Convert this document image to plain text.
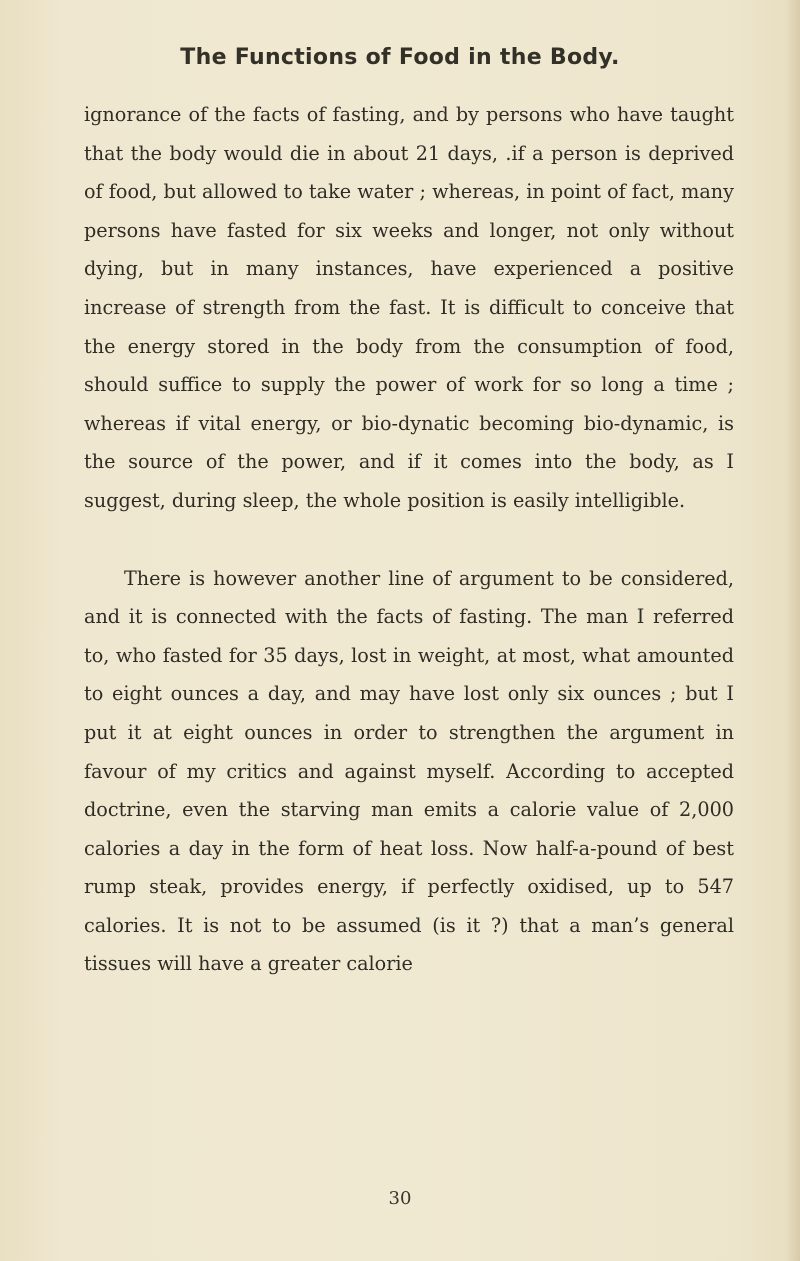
The Functions of Food in the Body.

ignorance of the facts of fasting, and by persons who have taught that the body would die in about 21 days, .if a person is deprived of food, but allowed to take water ; whereas, in point of fact, many persons have fasted for six weeks and longer, not only without dying, but in many instances, have experienced a positive increase of strength from the fast. It is difficult to conceive that the energy stored in the body from the consumption of food, should suffice to supply the power of work for so long a time ; whereas if vital energy, or bio-dynatic becoming bio-dynamic, is the source of the power, and if it comes into the body, as I suggest, during sleep, the whole position is easily intelligible.

There is however another line of argument to be considered, and it is connected with the facts of fasting. The man I referred to, who fasted for 35 days, lost in weight, at most, what amounted to eight ounces a day, and may have lost only six ounces ; but I put it at eight ounces in order to strengthen the argument in favour of my critics and against myself. According to accepted doctrine, even the starving man emits a calorie value of 2,000 calories a day in the form of heat loss. Now half-a-pound of best rump steak, provides energy, if perfectly oxidised, up to 547 calories. It is not to be assumed (is it ?) that a man’s general tissues will have a greater calorie

30
